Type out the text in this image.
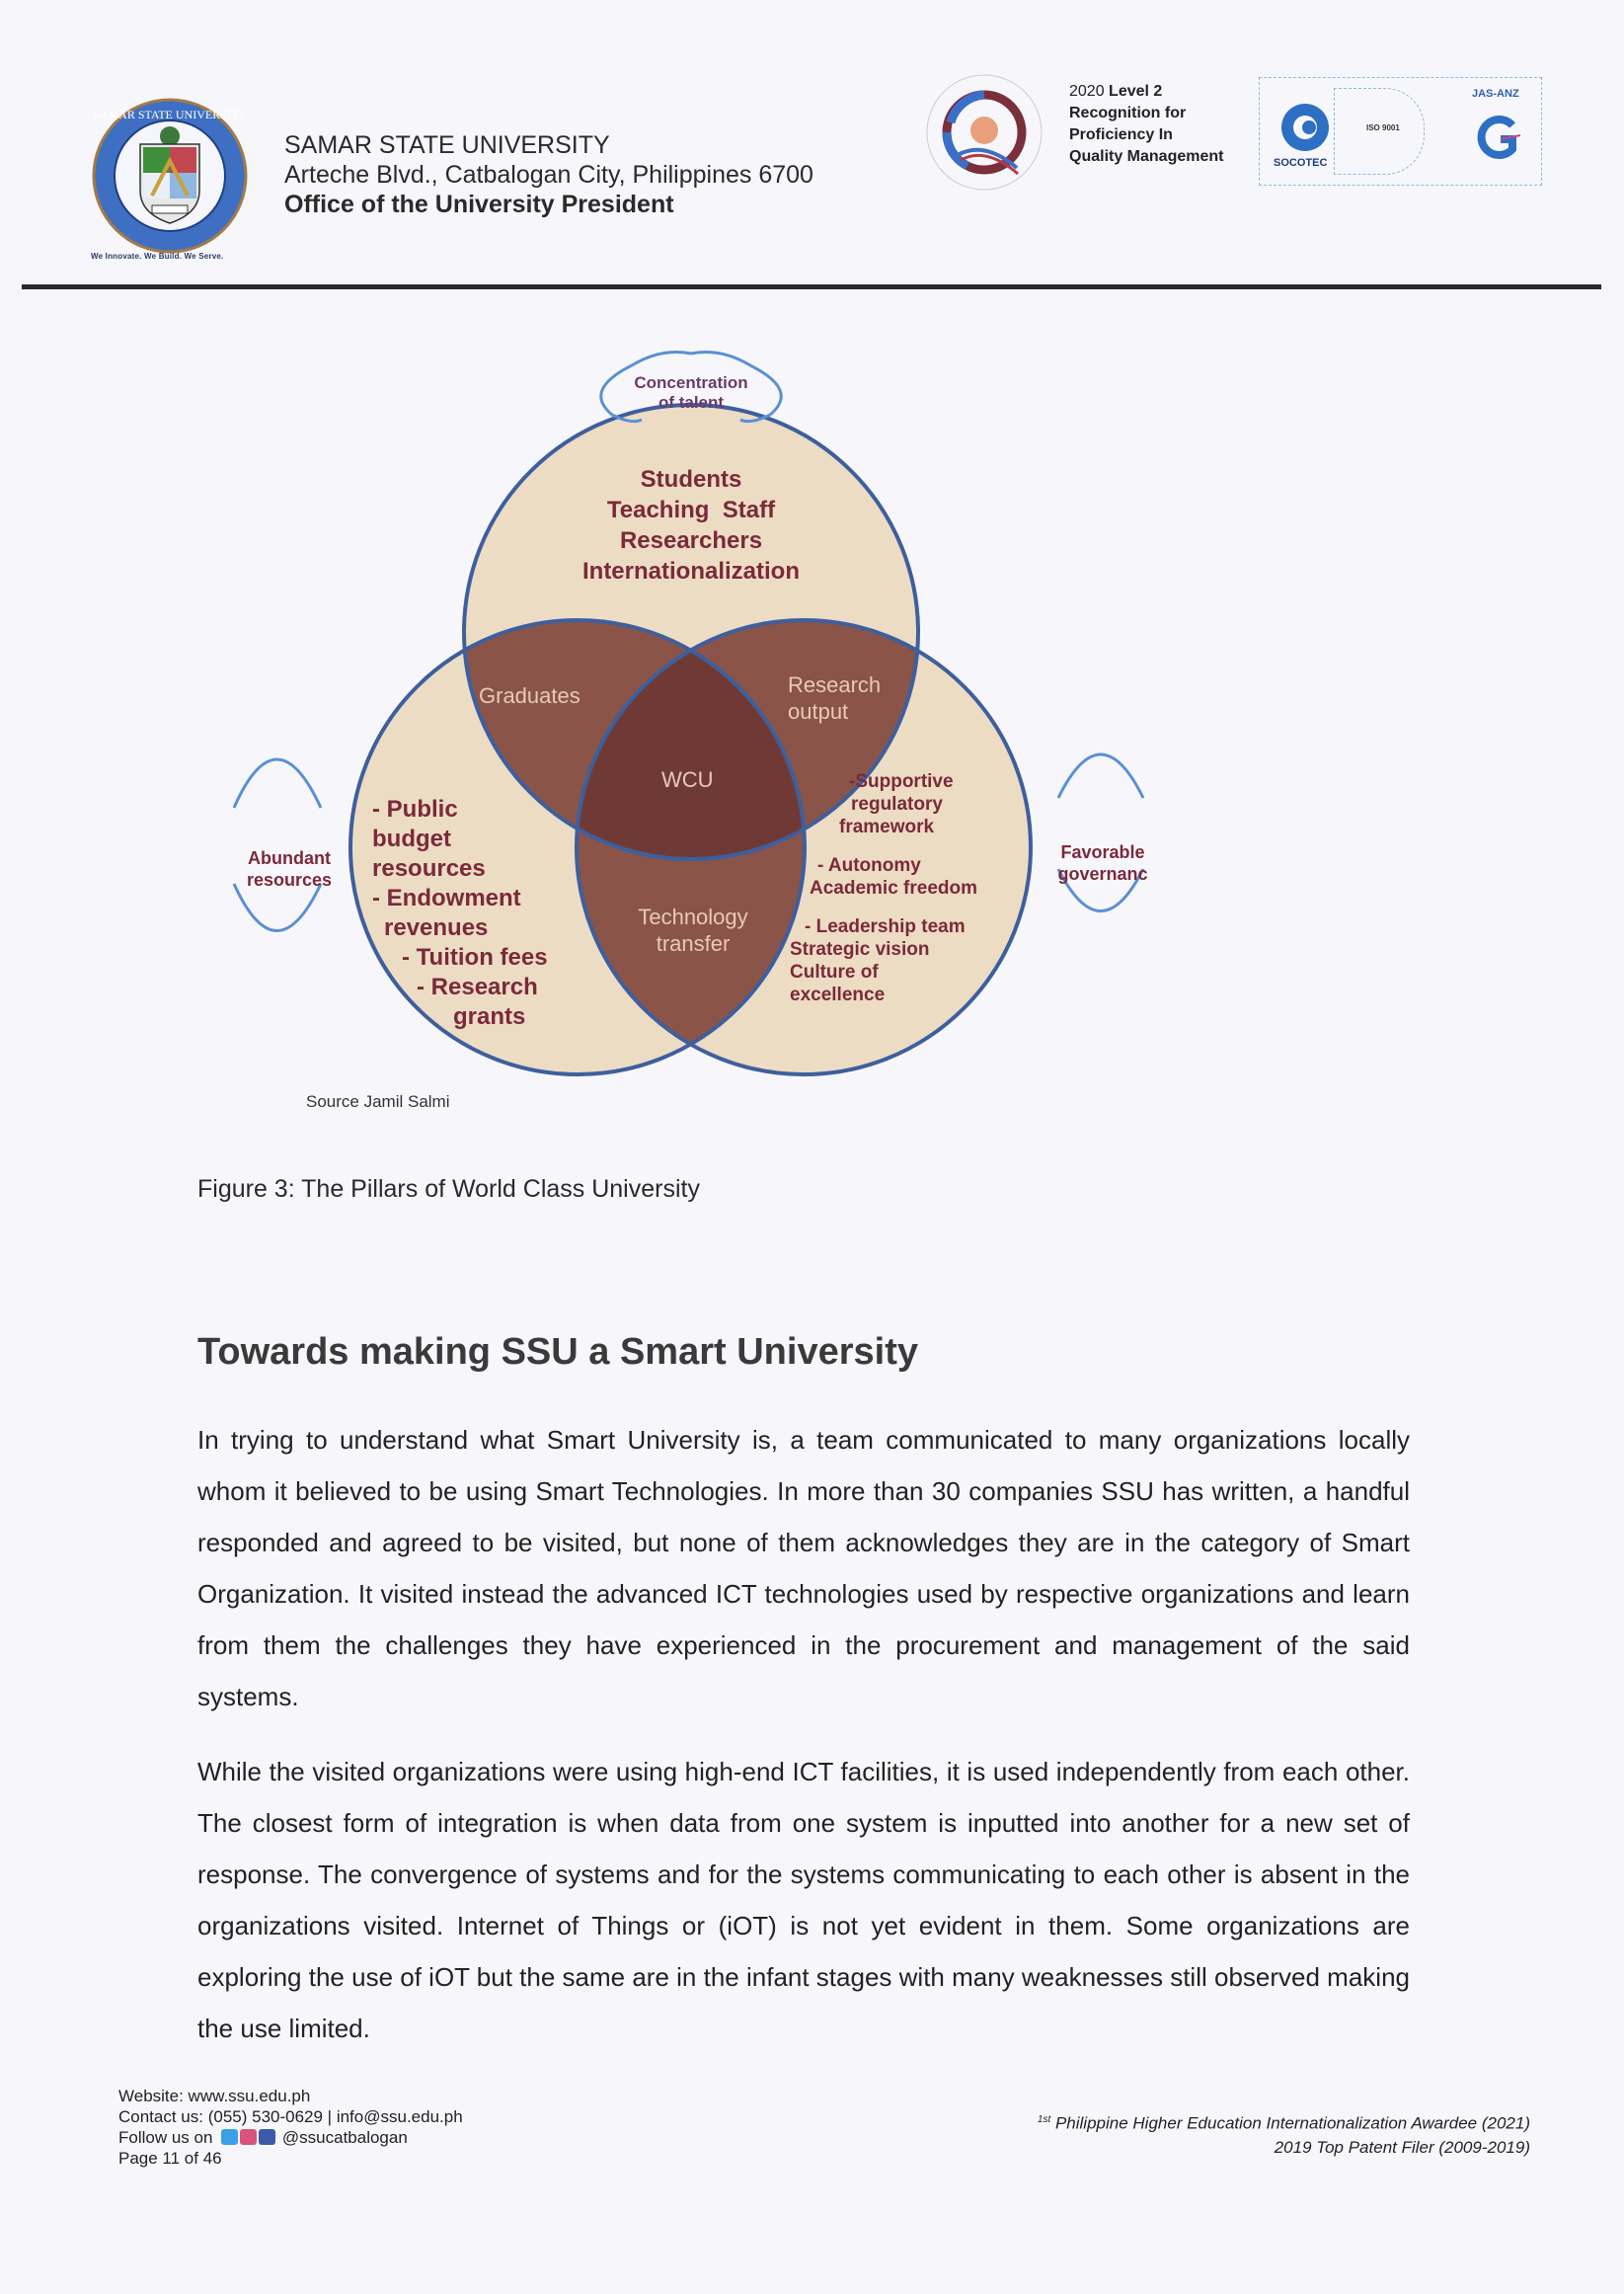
SAMAR STATE UNIVERSITY
We Innovate. We Build. We Serve.
SAMAR STATE UNIVERSITY
Arteche Blvd., Catbalogan City, Philippines 6700
Office of the University President
2020 Level 2
Recognition for
Proficiency In
Quality Management
ISO 9001
SOCOTEC
JAS-ANZ
Concentration
of talent
Students
Teaching  Staff
Researchers
Internationalization
Graduates	Research
output
WCU
Technology
transfer
- Public
budget
resources
- Endowment
revenues
- Tuition fees
- Research
grants
Abundant
resources
-Supportive
regulatory
framework
- Autonomy
Academic freedom
- Leadership team
Strategic vision
Culture of
excellence
Favorable
governanc
Source Jamil Salmi
Figure 3: The Pillars of World Class University
Towards making SSU a Smart University
In trying to understand what Smart University is, a team communicated to many organizations locally whom it believed to be using Smart Technologies. In more than 30 companies SSU has written, a handful responded and agreed to be visited, but none of them acknowledges they are in the category of Smart Organization. It visited instead the advanced ICT technologies used by respective organizations and learn from them the challenges they have experienced in the procurement and management of the said systems.
While the visited organizations were using high-end ICT facilities, it is used independently from each other. The closest form of integration is when data from one system is inputted into another for a new set of response. The convergence of systems and for the systems communicating to each other is absent in the organizations visited. Internet of Things or (iOT) is not yet evident in them. Some organizations are exploring the use of iOT but the same are in the infant stages with many weaknesses still observed making the use limited.
Website: www.ssu.edu.ph
Contact us: (055) 530-0629 | info@ssu.edu.ph
Follow us on	@ssucatbalogan
Page 11 of 46
$^{1st}$ Philippine Higher Education Internationalization Awardee (2021)
2019 Top Patent Filer (2009-2019)
